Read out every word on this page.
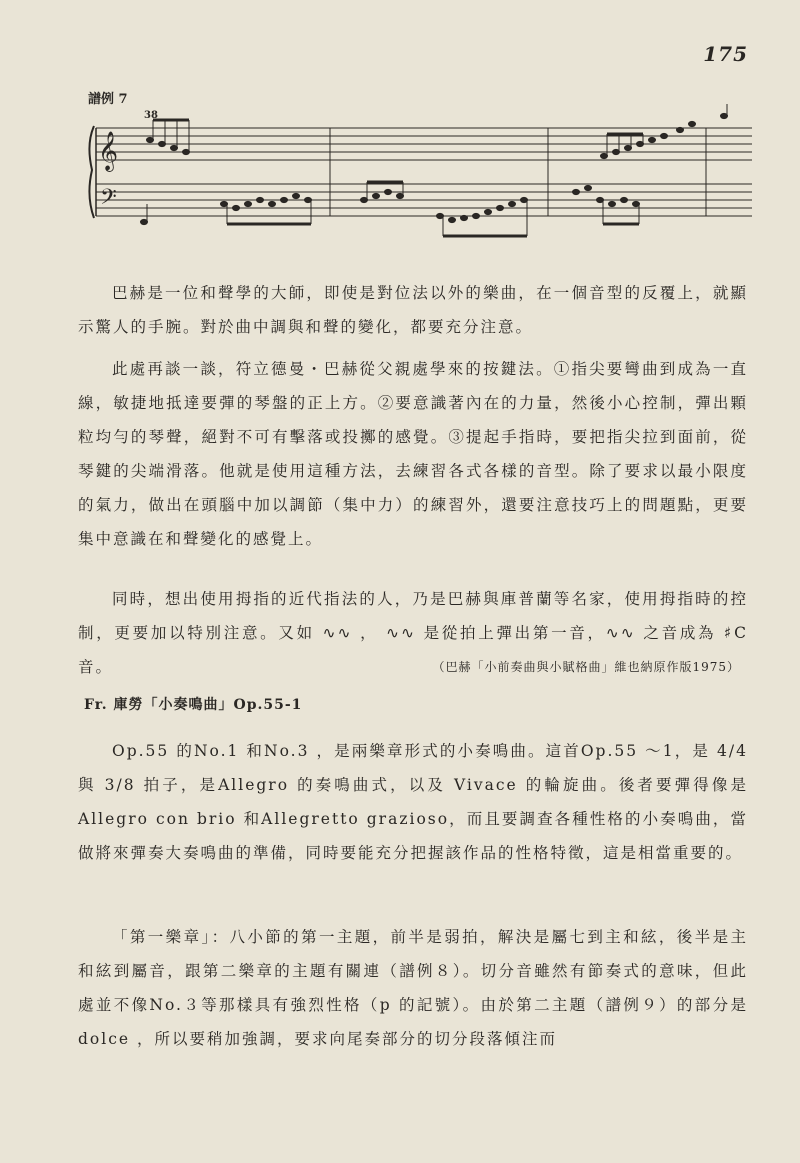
175
譜例 7
𝄞
𝄢
38

巴赫是一位和聲學的大師，即使是對位法以外的樂曲，在一個音型的反覆上，就顯示驚人的手腕。對於曲中調與和聲的變化，都要充分注意。

此處再談一談，符立德曼・巴赫從父親處學來的按鍵法。①指尖要彎曲到成為一直線，敏捷地抵達要彈的琴盤的正上方。②要意識著內在的力量，然後小心控制，彈出顆粒均勻的琴聲，絕對不可有擊落或投擲的感覺。③提起手指時，要把指尖拉到面前，從琴鍵的尖端滑落。他就是使用這種方法，去練習各式各樣的音型。除了要求以最小限度的氣力，做出在頭腦中加以調節（集中力）的練習外，還要注意技巧上的問題點，更要集中意識在和聲變化的感覺上。

同時，想出使用拇指的近代指法的人，乃是巴赫與庫普蘭等名家，使用拇指時的控制，更要加以特別注意。又如 ∿∿ ， ∿∿ 是從拍上彈出第一音，∿∿ 之音成為 ♯C音。	（巴赫「小前奏曲與小賦格曲」維也納原作版1975）
Fr. 庫勞「小奏鳴曲」Op.55-1

Op.55 的No.1 和No.3 ，是兩樂章形式的小奏鳴曲。這首Op.55 ～1，是 4/4 與 3/8 拍子，是Allegro 的奏鳴曲式，以及 Vivace 的輪旋曲。後者要彈得像是Allegro con brio 和Allegretto grazioso，而且要調查各種性格的小奏鳴曲，當做將來彈奏大奏鳴曲的準備，同時要能充分把握該作品的性格特徵，這是相當重要的。

「第一樂章」：八小節的第一主題，前半是弱拍，解決是屬七到主和絃，後半是主和絃到屬音，跟第二樂章的主題有關連（譜例８）。切分音雖然有節奏式的意味，但此處並不像No.３等那樣具有強烈性格（p 的記號）。由於第二主題（譜例９）的部分是dolce ，所以要稍加強調，要求向尾奏部分的切分段落傾注而
